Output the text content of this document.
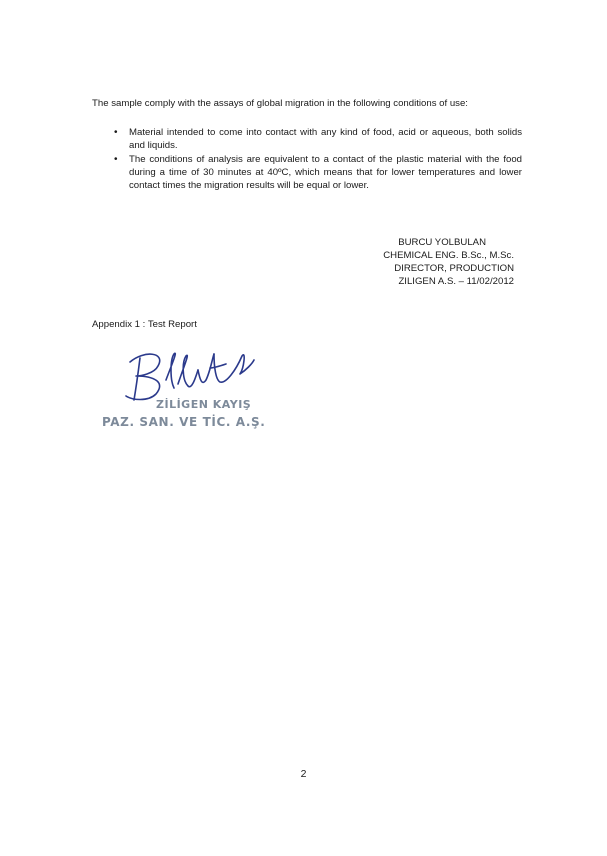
The sample comply with the assays of global migration in the following conditions of use:

• Material intended to come into contact with any kind of food, acid or aqueous, both solids and liquids.
• The conditions of analysis are equivalent to a contact of the plastic material with the food during a time of 30 minutes at 40ºC, which means that for lower temperatures and lower contact times the migration results will be equal or lower.
BURCU YOLBULAN
CHEMICAL ENG. B.Sc., M.Sc.
DIRECTOR, PRODUCTION
ZILIGEN A.S. – 11/02/2012
Appendix 1 : Test Report
ZİLİGEN KAYIŞ
PAZ. SAN. VE TİC. A.Ş.
2
